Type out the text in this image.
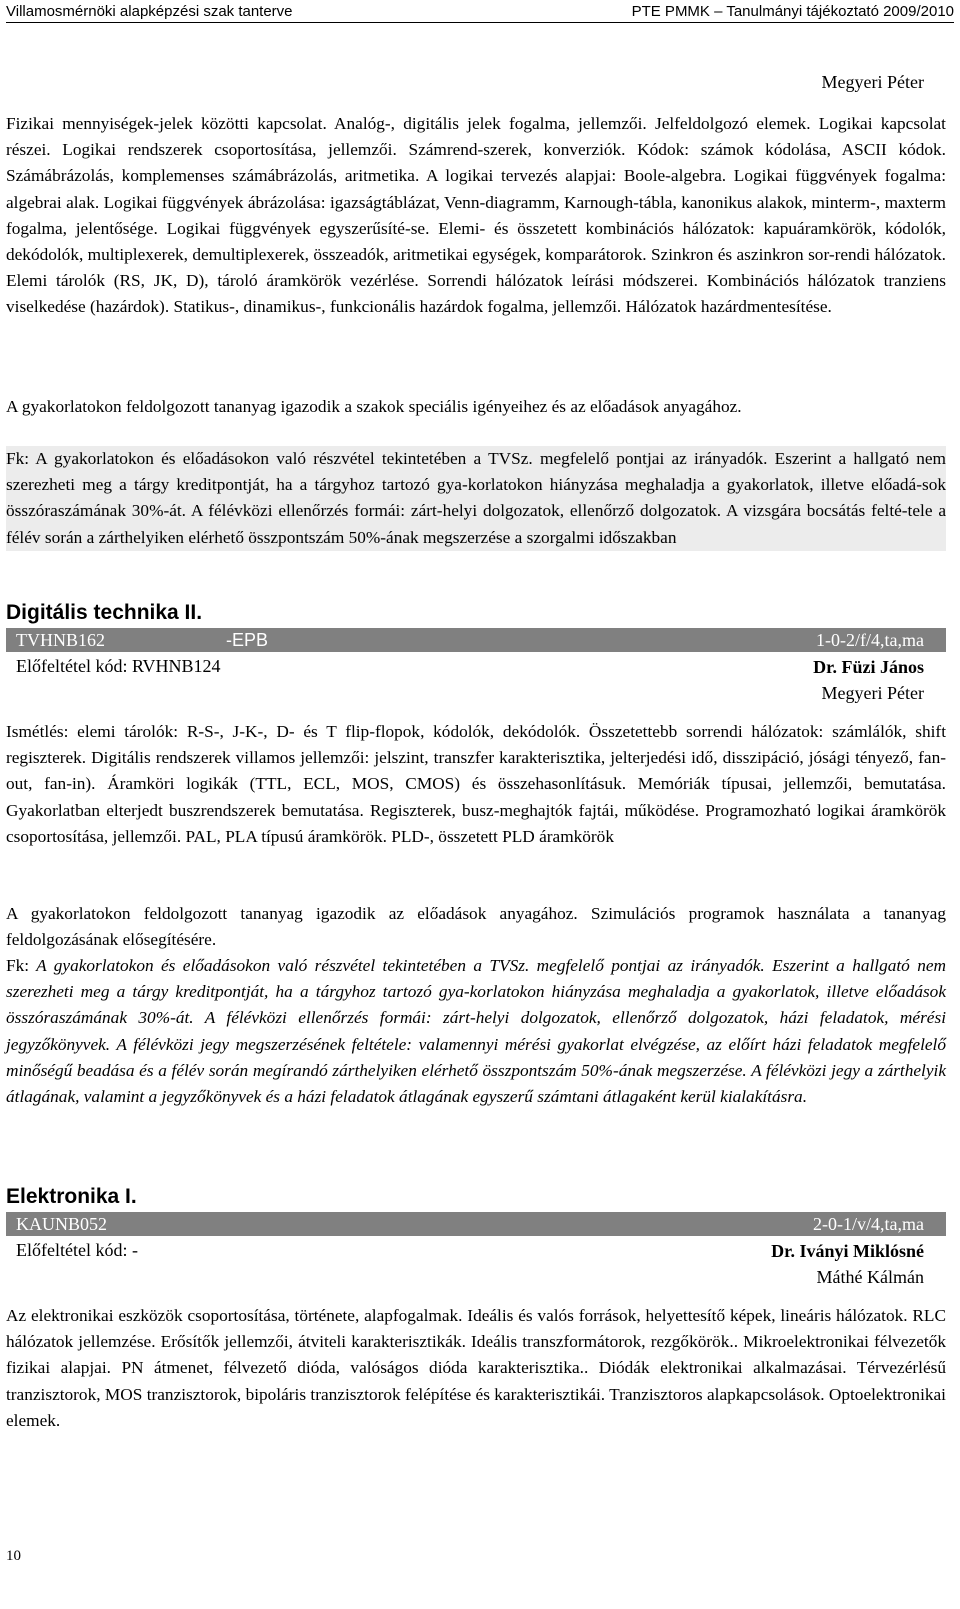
Villamosmérnöki alapképzési szak tanterve	PTE PMMK – Tanulmányi tájékoztató 2009/2010
Megyeri Péter

Fizikai mennyiségek-jelek közötti kapcsolat. Analóg-, digitális jelek fogalma, jellemzői. Jelfeldolgozó elemek. Logikai kapcsolat részei. Logikai rendszerek csoportosítása, jellemzői. Számrend-szerek, konverziók. Kódok: számok kódolása, ASCII kódok. Számábrázolás, komplemenses számábrázolás, aritmetika. A logikai tervezés alapjai: Boole-algebra. Logikai függvények fogalma: algebrai alak. Logikai függvények ábrázolása: igazságtáblázat, Venn-diagramm, Karnough-tábla, kanonikus alakok, minterm-, maxterm fogalma, jelentősége. Logikai függvények egyszerűsíté-se. Elemi- és összetett kombinációs hálózatok: kapuáramkörök, kódolók, dekódolók, multiplexerek, demultiplexerek, összeadók, aritmetikai egységek, komparátorok. Szinkron és aszinkron sor-rendi hálózatok. Elemi tárolók (RS, JK, D), tároló áramkörök vezérlése. Sorrendi hálózatok leírási módszerei. Kombinációs hálózatok tranziens viselkedése (hazárdok). Statikus-, dinamikus-, funkcionális hazárdok fogalma, jellemzői. Hálózatok hazárdmentesítése.

A gyakorlatokon feldolgozott tananyag igazodik a szakok speciális igényeihez és az előadások anyagához.

Fk: A gyakorlatokon és előadásokon való részvétel tekintetében a TVSz. megfelelő pontjai az irányadók. Eszerint a hallgató nem szerezheti meg a tárgy kreditpontját, ha a tárgyhoz tartozó gya-korlatokon hiányzása meghaladja a gyakorlatok, illetve előadá-sok összóraszámának 30%-át. A félévközi ellenőrzés formái: zárt-helyi dolgozatok, ellenőrző dolgozatok. A vizsgára bocsátás felté-tele a félév során a zárthelyiken elérhető összpontszám 50%-ának megszerzése a szorgalmi időszakban

Digitális technika II.
TVHNB162	-EPB	1-0-2/f/4,ta,ma
Előfeltétel kód: RVHNB124	Dr. Füzi János
Megyeri Péter

Ismétlés: elemi tárolók: R-S-, J-K-, D- és T flip-flopok, kódolók, dekódolók. Összetettebb sorrendi hálózatok: számlálók, shift regiszterek. Digitális rendszerek villamos jellemzői: jelszint, transzfer karakterisztika, jelterjedési idő, disszipáció, jósági tényező, fan-out, fan-in). Áramköri logikák (TTL, ECL, MOS, CMOS) és összehasonlításuk. Memóriák típusai, jellemzői, bemutatása. Gyakorlatban elterjedt buszrendszerek bemutatása. Regiszterek, busz-meghajtók fajtái, működése. Programozható logikai áramkörök csoportosítása, jellemzői. PAL, PLA típusú áramkörök. PLD-, összetett PLD áramkörök

A gyakorlatokon feldolgozott tananyag igazodik az előadások anyagához. Szimulációs programok használata a tananyag feldolgozásának elősegítésére.

Fk: A gyakorlatokon és előadásokon való részvétel tekintetében a TVSz. megfelelő pontjai az irányadók. Eszerint a hallgató nem szerezheti meg a tárgy kreditpontját, ha a tárgyhoz tartozó gya-korlatokon hiányzása meghaladja a gyakorlatok, illetve előadások összóraszámának 30%-át. A félévközi ellenőrzés formái: zárt-helyi dolgozatok, ellenőrző dolgozatok, házi feladatok, mérési jegyzőkönyvek. A félévközi jegy megszerzésének feltétele: valamennyi mérési gyakorlat elvégzése, az előírt házi feladatok megfelelő minőségű beadása és a félév során megírandó zárthelyiken elérhető összpontszám 50%-ának megszerzése. A félévközi jegy a zárthelyik átlagának, valamint a jegyzőkönyvek és a házi feladatok átlagának egyszerű számtani átlagaként kerül kialakításra.

Elektronika I.
KAUNB052	2-0-1/v/4,ta,ma
Előfeltétel kód: -	Dr. Iványi Miklósné
Máthé Kálmán

Az elektronikai eszközök csoportosítása, története, alapfogalmak. Ideális és valós források, helyettesítő képek, lineáris hálózatok. RLC hálózatok jellemzése. Erősítők jellemzői, átviteli karakterisztikák. Ideális transzformátorok, rezgőkörök.. Mikroelektronikai félvezetők fizikai alapjai. PN átmenet, félvezető dióda, valóságos dióda karakterisztika.. Diódák elektronikai alkalmazásai. Térvezérlésű tranzisztorok, MOS tranzisztorok, bipoláris tranzisztorok felépítése és karakterisztikái. Tranzisztoros alapkapcsolások. Optoelektronikai elemek.

10
